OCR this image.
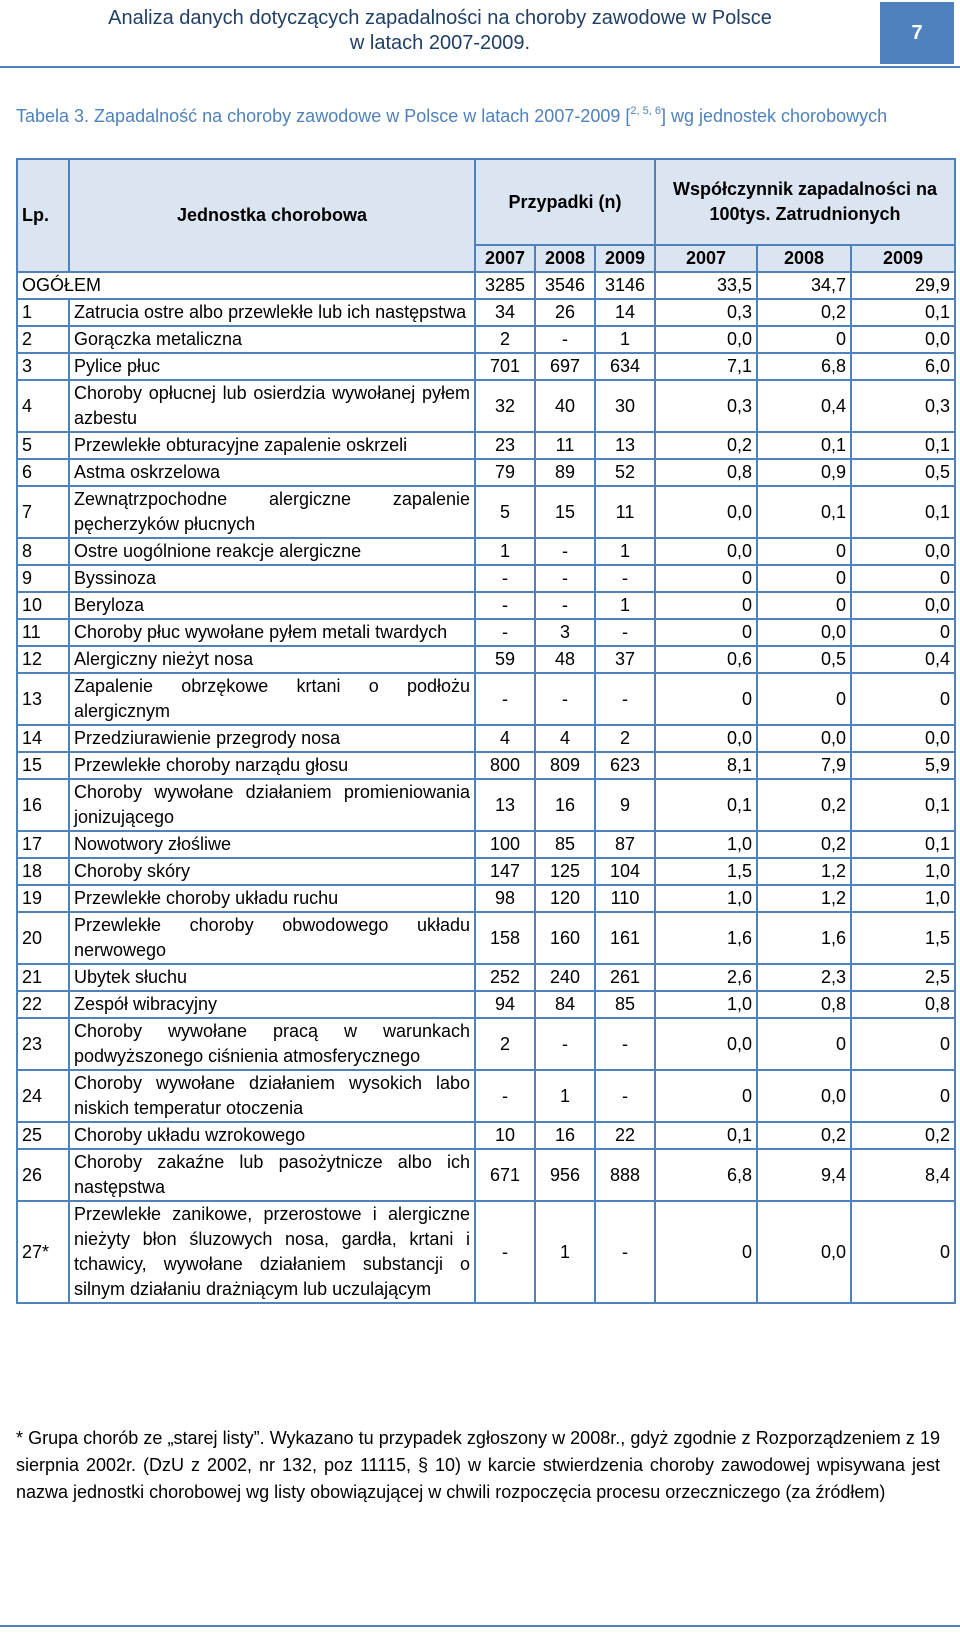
Analiza danych dotyczących zapadalności na choroby zawodowe w Polsce
w latach 2007-2009.	7
Tabela 3. Zapadalność na choroby zawodowe w Polsce w latach 2007-2009 [$^{2, 5, 6}$] wg jednostek chorobowych
Lp.	Jednostka chorobowa	Przypadki (n)			Współczynnik zapadalności na 100tys. Zatrudnionych		
		2007	2008	2009	2007	2008	2009
OGÓŁEM		3285	3546	3146	33,5	34,7	29,9
1	Zatrucia ostre albo przewlekłe lub ich następstwa	34	26	14	0,3	0,2	0,1
2	Gorączka metaliczna	2	-	1	0,0	0	0,0
3	Pylice płuc	701	697	634	7,1	6,8	6,0
4	Choroby opłucnej lub osierdzia wywołanej pyłem azbestu	32	40	30	0,3	0,4	0,3
5	Przewlekłe obturacyjne zapalenie oskrzeli	23	11	13	0,2	0,1	0,1
6	Astma oskrzelowa	79	89	52	0,8	0,9	0,5
7	Zewnątrzpochodne alergiczne zapalenie pęcherzyków płucnych	5	15	11	0,0	0,1	0,1
8	Ostre uogólnione reakcje alergiczne	1	-	1	0,0	0	0,0
9	Byssinoza	-	-	-	0	0	0
10	Beryloza	-	-	1	0	0	0,0
11	Choroby płuc wywołane pyłem metali twardych	-	3	-	0	0,0	0
12	Alergiczny nieżyt nosa	59	48	37	0,6	0,5	0,4
13	Zapalenie obrzękowe krtani o podłożu alergicznym	-	-	-	0	0	0
14	Przedziurawienie przegrody nosa	4	4	2	0,0	0,0	0,0
15	Przewlekłe choroby narządu głosu	800	809	623	8,1	7,9	5,9
16	Choroby wywołane działaniem promieniowania jonizującego	13	16	9	0,1	0,2	0,1
17	Nowotwory złośliwe	100	85	87	1,0	0,2	0,1
18	Choroby skóry	147	125	104	1,5	1,2	1,0
19	Przewlekłe choroby układu ruchu	98	120	110	1,0	1,2	1,0
20	Przewlekłe choroby obwodowego układu nerwowego	158	160	161	1,6	1,6	1,5
21	Ubytek słuchu	252	240	261	2,6	2,3	2,5
22	Zespół wibracyjny	94	84	85	1,0	0,8	0,8
23	Choroby wywołane pracą w warunkach podwyższonego ciśnienia atmosferycznego	2	-	-	0,0	0	0
24	Choroby wywołane działaniem wysokich labo niskich temperatur otoczenia	-	1	-	0	0,0	0
25	Choroby układu wzrokowego	10	16	22	0,1	0,2	0,2
26	Choroby zakaźne lub pasożytnicze albo ich następstwa	671	956	888	6,8	9,4	8,4
27*	Przewlekłe zanikowe, przerostowe i alergiczne nieżyty błon śluzowych nosa, gardła, krtani i tchawicy, wywołane działaniem substancji o silnym działaniu drażniącym lub uczulającym	-	1	-	0	0,0	0
* Grupa chorób ze „starej listy”. Wykazano tu przypadek zgłoszony w 2008r., gdyż zgodnie z Rozporządzeniem z 19 sierpnia 2002r. (DzU z 2002, nr 132, poz 11115, § 10) w karcie stwierdzenia choroby zawodowej wpisywana jest nazwa jednostki chorobowej wg listy obowiązującej w chwili rozpoczęcia procesu orzeczniczego (za źródłem)
